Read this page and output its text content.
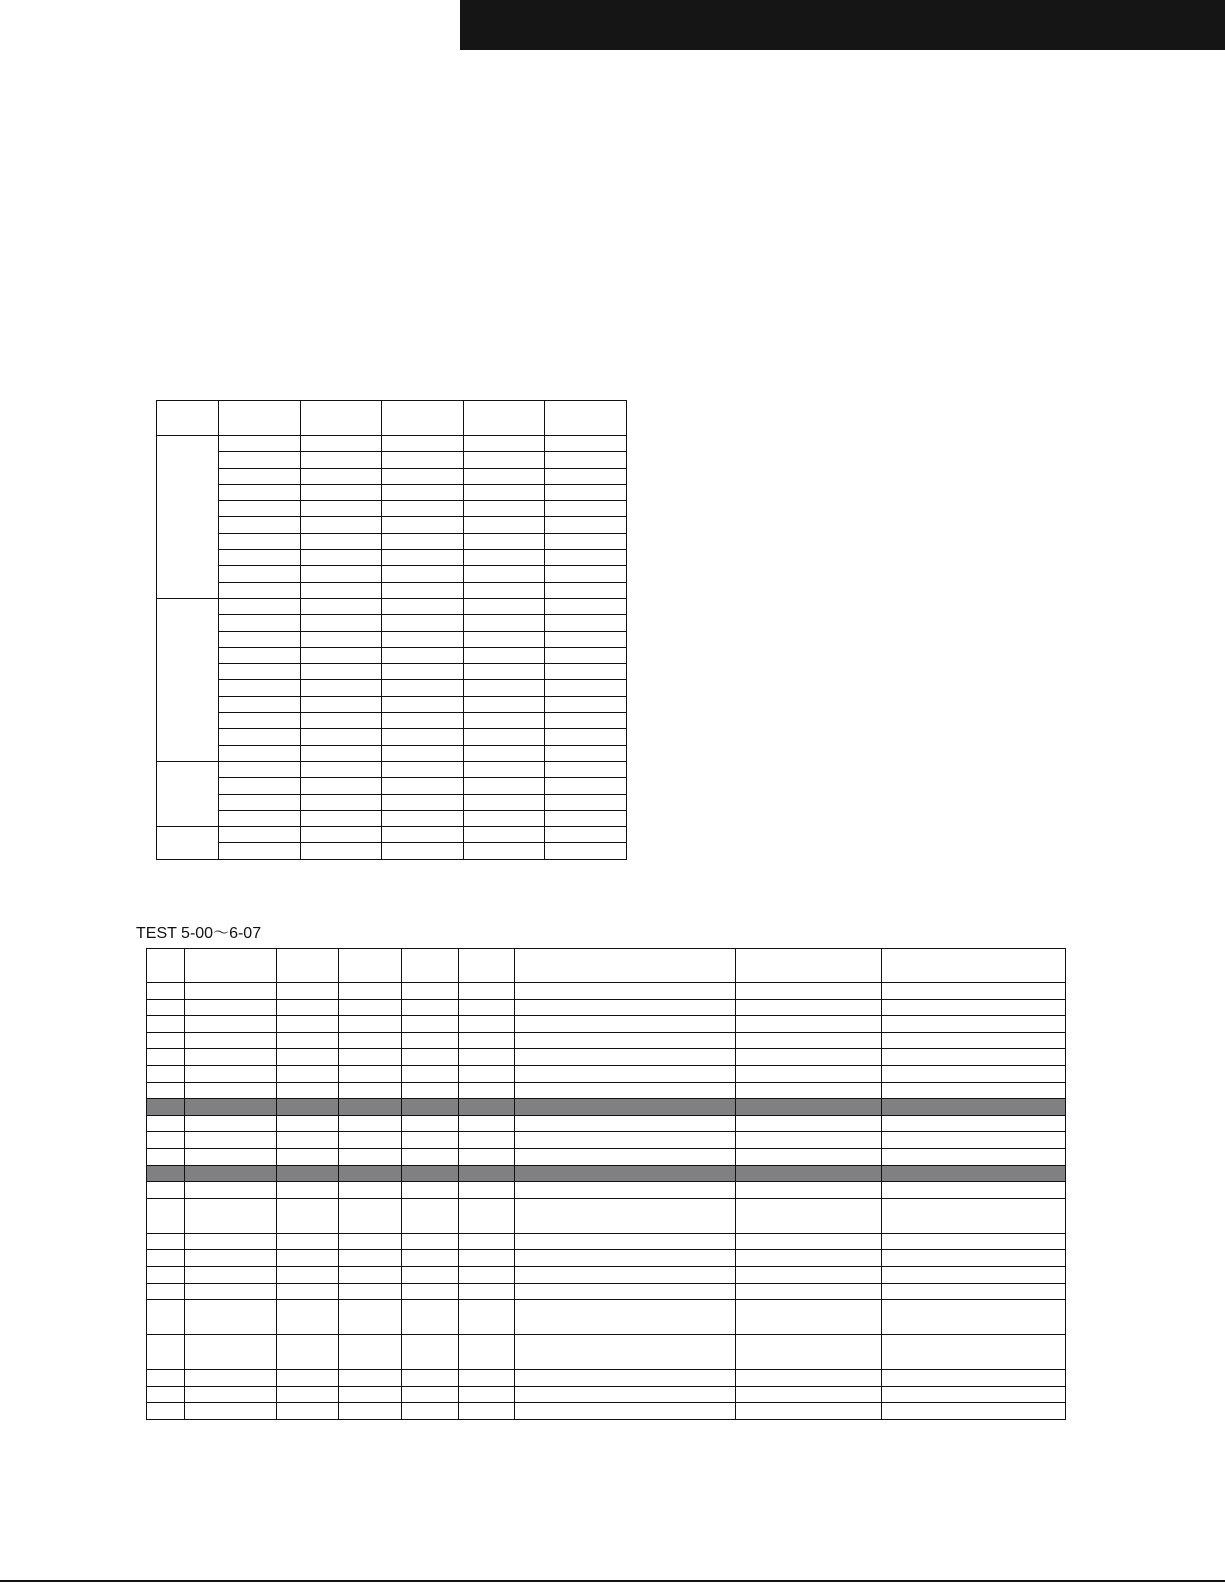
TEST 5-00～6-07
